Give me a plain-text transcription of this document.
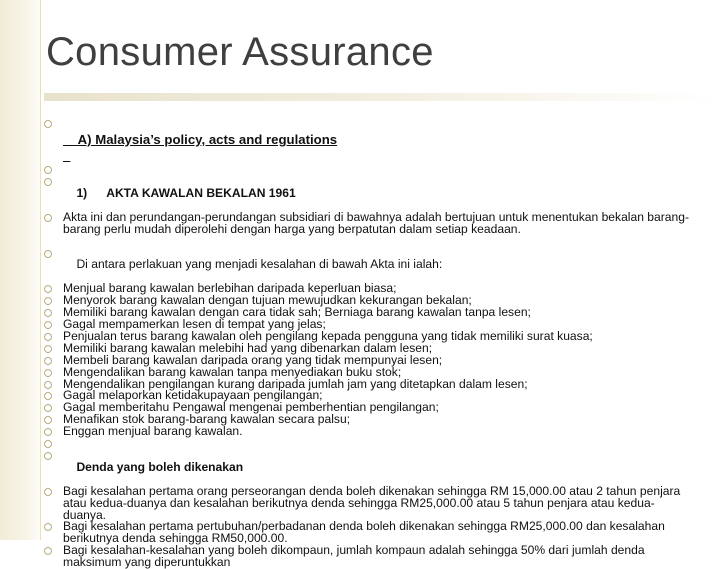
Consumer Assurance

A) Malaysia’s policy, acts and regulations

1) AKTA KAWALAN BEKALAN 1961

Akta ini dan perundangan-perundangan subsidiari di bawahnya adalah bertujuan untuk menentukan bekalan barang-barang perlu mudah diperolehi dengan harga yang berpatutan dalam setiap keadaan.

Di antara perlakuan yang menjadi kesalahan di bawah Akta ini ialah:

Menjual barang kawalan berlebihan daripada keperluan biasa;
Menyorok barang kawalan dengan tujuan mewujudkan kekurangan bekalan;
Memiliki barang kawalan dengan cara tidak sah; Berniaga barang kawalan tanpa lesen;
Gagal mempamerkan lesen di tempat yang jelas;
Penjualan terus barang kawalan oleh pengilang kepada pengguna yang tidak memiliki surat kuasa;
Memiliki barang kawalan melebihi had yang dibenarkan dalam lesen;
Membeli barang kawalan daripada orang yang tidak mempunyai lesen;
Mengendalikan barang kawalan tanpa menyediakan buku stok;
Mengendalikan pengilangan kurang daripada jumlah jam yang ditetapkan dalam lesen;
Gagal melaporkan ketidakupayaan pengilangan;
Gagal memberitahu Pengawal mengenai pemberhentian pengilangan;
Menafikan stok barang-barang kawalan secara palsu;
Enggan menjual barang kawalan.

Denda yang boleh dikenakan

Bagi kesalahan pertama orang perseorangan denda boleh dikenakan sehingga RM 15,000.00 atau 2 tahun penjara atau kedua-duanya dan kesalahan berikutnya denda sehingga RM25,000.00 atau 5 tahun penjara atau kedua-duanya.
Bagi kesalahan pertama pertubuhan/perbadanan denda boleh dikenakan sehingga RM25,000.00 dan kesalahan berikutnya denda sehingga RM50,000.00.
Bagi kesalahan-kesalahan yang boleh dikompaun, jumlah kompaun adalah sehingga 50% dari jumlah denda maksimum yang diperuntukkan
